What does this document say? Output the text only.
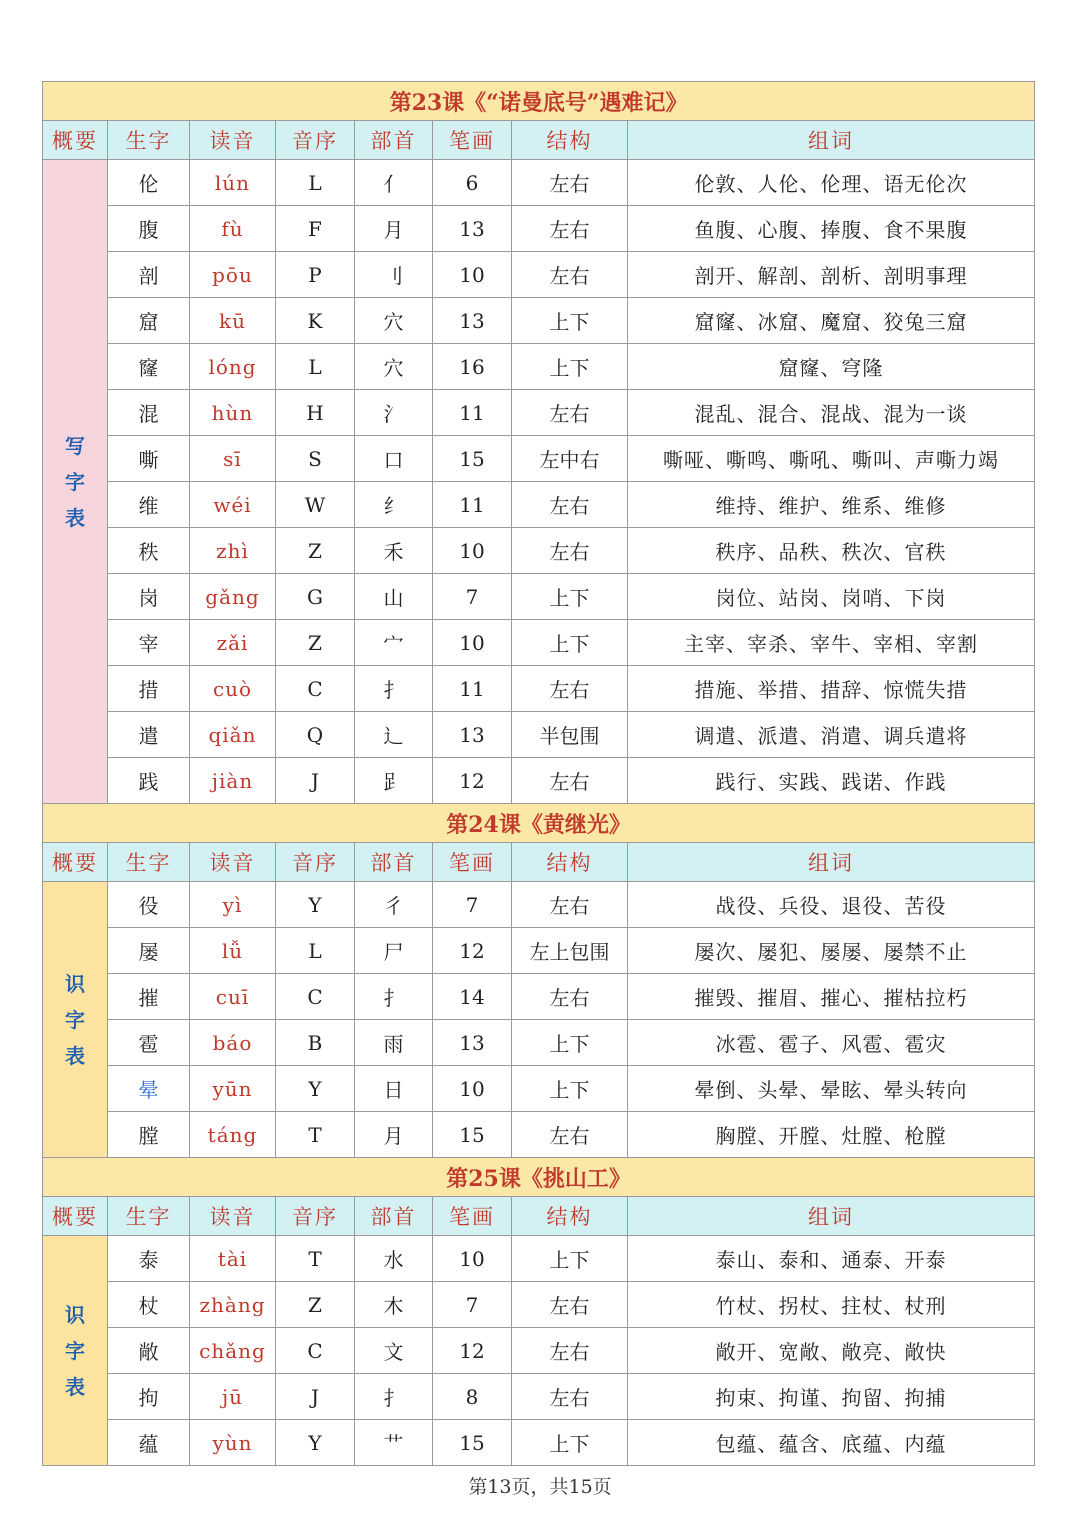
第23课《“诺曼底号”遇难记》							
概要	生字	读音	音序	部首	笔画	结构	组词
写
字
表	伦	lún	L	亻	6	左右	伦敦、人伦、伦理、语无伦次
	腹	fù	F	月	13	左右	鱼腹、心腹、捧腹、食不果腹
	剖	pōu	P	刂	10	左右	剖开、解剖、剖析、剖明事理
	窟	kū	K	穴	13	上下	窟窿、冰窟、魔窟、狡兔三窟
	窿	lóng	L	穴	16	上下	窟窿、穹隆
	混	hùn	H	氵	11	左右	混乱、混合、混战、混为一谈
	嘶	sī	S	口	15	左中右	嘶哑、嘶鸣、嘶吼、嘶叫、声嘶力竭
	维	wéi	W	纟	11	左右	维持、维护、维系、维修
	秩	zhì	Z	禾	10	左右	秩序、品秩、秩次、官秩
	岗	gǎng	G	山	7	上下	岗位、站岗、岗哨、下岗
	宰	zǎi	Z	宀	10	上下	主宰、宰杀、宰牛、宰相、宰割
	措	cuò	C	扌	11	左右	措施、举措、措辞、惊慌失措
	遣	qiǎn	Q	辶	13	半包围	调遣、派遣、消遣、调兵遣将
	践	jiàn	J	𧾷	12	左右	践行、实践、践诺、作践
第24课《黄继光》							
概要	生字	读音	音序	部首	笔画	结构	组词
识
字
表	役	yì	Y	彳	7	左右	战役、兵役、退役、苦役
	屡	lǚ	L	尸	12	左上包围	屡次、屡犯、屡屡、屡禁不止
	摧	cuī	C	扌	14	左右	摧毁、摧眉、摧心、摧枯拉朽
	雹	báo	B	雨	13	上下	冰雹、雹子、风雹、雹灾
	晕	yūn	Y	日	10	上下	晕倒、头晕、晕眩、晕头转向
	膛	táng	T	月	15	左右	胸膛、开膛、灶膛、枪膛
第25课《挑山工》							
概要	生字	读音	音序	部首	笔画	结构	组词
识
字
表	泰	tài	T	水	10	上下	泰山、泰和、通泰、开泰
	杖	zhàng	Z	木	7	左右	竹杖、拐杖、拄杖、杖刑
	敞	chǎng	C	文	12	左右	敞开、宽敞、敞亮、敞快
	拘	jū	J	扌	8	左右	拘束、拘谨、拘留、拘捕
	蕴	yùn	Y	艹	15	上下	包蕴、蕴含、底蕴、内蕴
第13页，共15页
